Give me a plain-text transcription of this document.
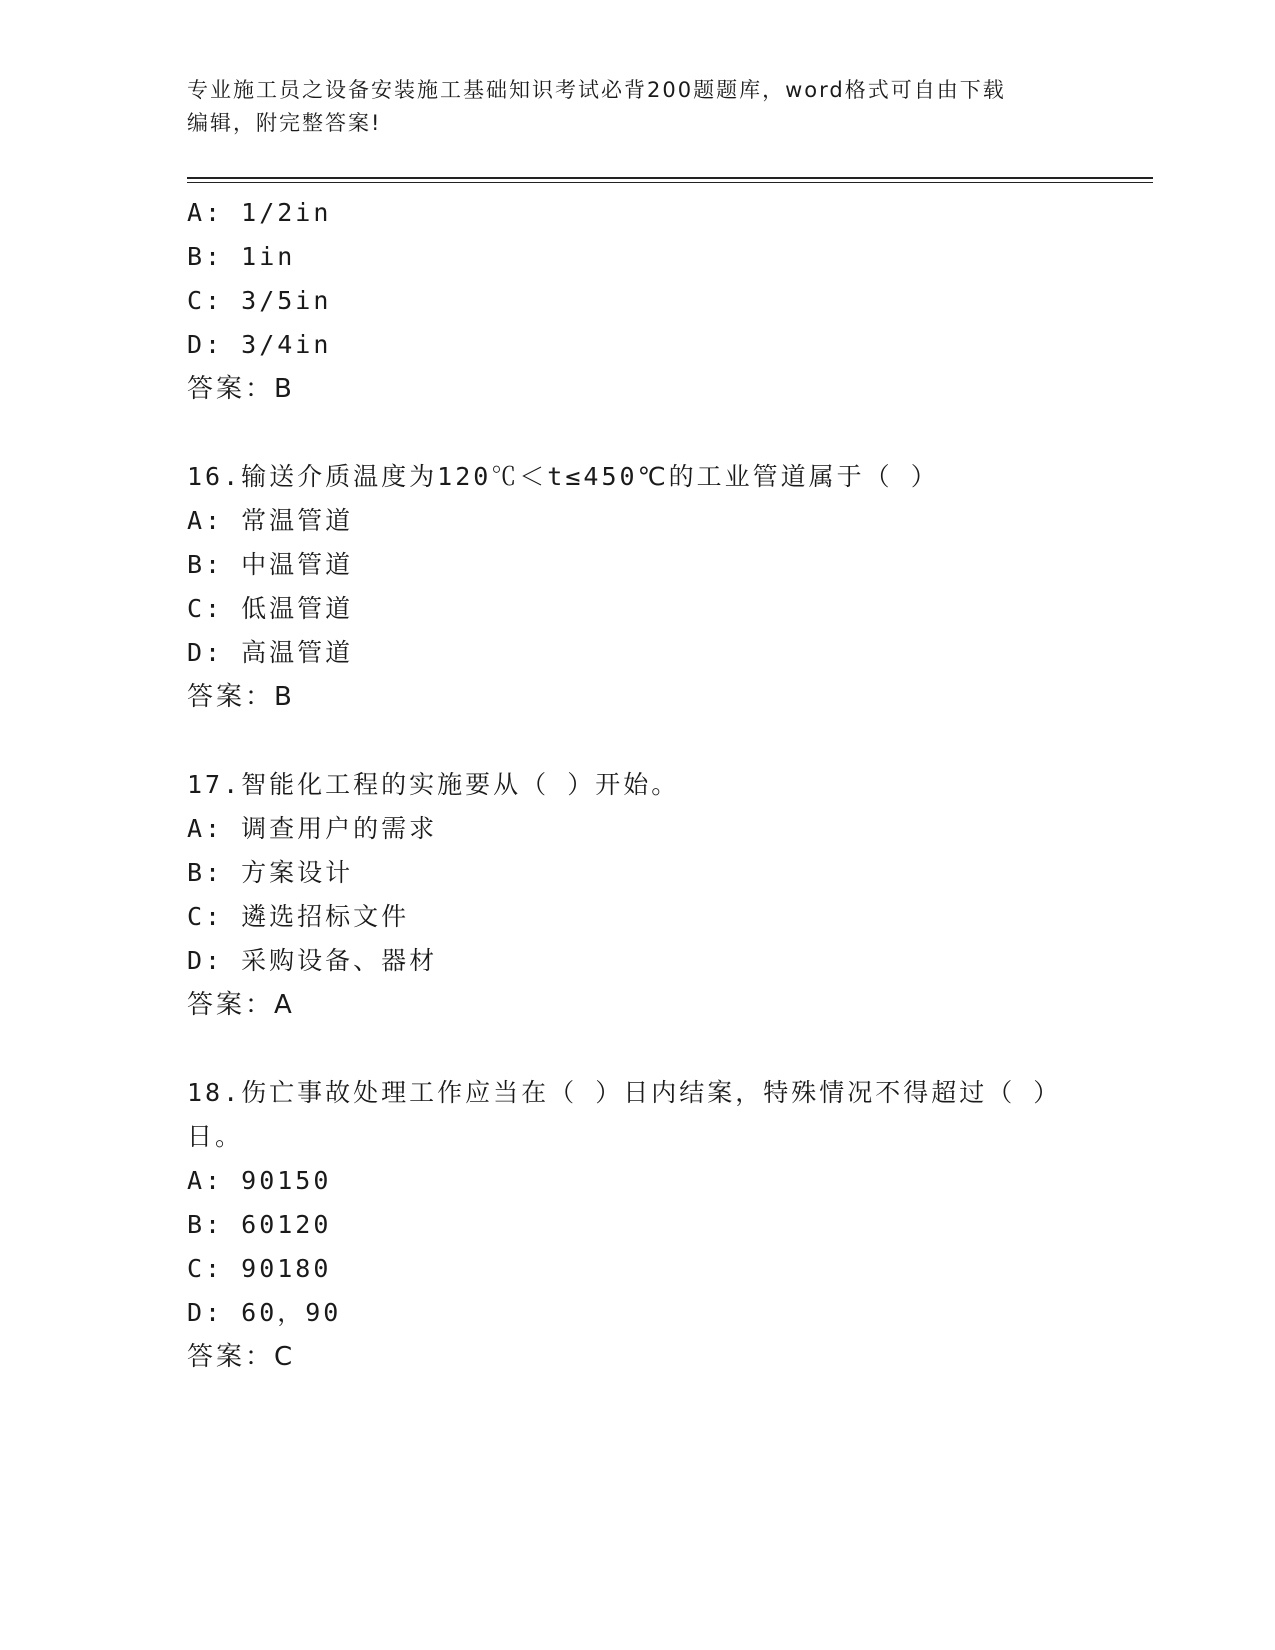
专业施工员之设备安装施工基础知识考试必背200题题库，word格式可自由下载
编辑，附完整答案!
A: 1/2in
B: 1in
C: 3/5in
D: 3/4in
答案：B
16.输送介质温度为120℃＜t≤450℃的工业管道属于（ ）
A: 常温管道
B: 中温管道
C: 低温管道
D: 高温管道
答案：B
17.智能化工程的实施要从（ ）开始。
A: 调查用户的需求
B: 方案设计
C: 遴选招标文件
D: 采购设备、器材
答案：A
18.伤亡事故处理工作应当在（ ）日内结案，特殊情况不得超过（ ）
日。
A: 90150
B: 60120
C: 90180
D: 60，90
答案：C
